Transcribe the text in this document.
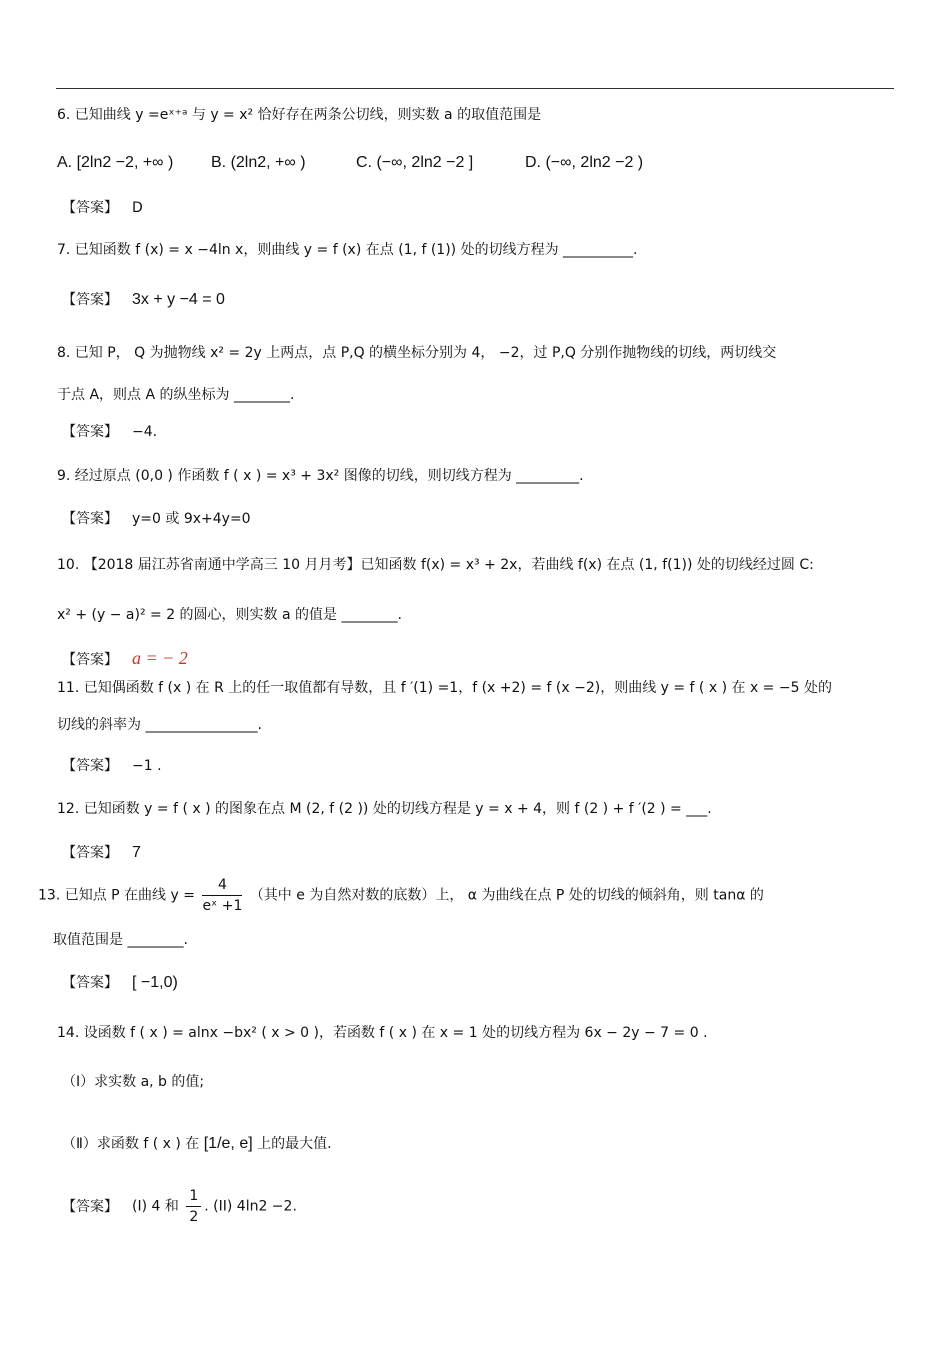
6. 已知曲线 y =eˣ⁺ᵃ 与 y = x² 恰好存在两条公切线，则实数 a 的取值范围是
A. [2ln2 −2, +∞ ) B. (2ln2, +∞ )	C. (−∞, 2ln2 −2 ]	D. (−∞, 2ln2 −2 )
【答案】 D
7. 已知函数 f (x) = x −4ln x，则曲线 y = f (x) 在点 (1, f (1)) 处的切线方程为 __________.
【答案】 3x + y −4 = 0
8. 已知 P， Q 为抛物线 x² = 2y 上两点，点 P,Q 的横坐标分别为 4， −2，过 P,Q 分别作抛物线的切线，两切线交
于点 A，则点 A 的纵坐标为 ________.
【答案】 −4.
9. 经过原点 (0,0 ) 作函数 f ( x ) = x³ + 3x² 图像的切线，则切线方程为 _________.
【答案】 y=0 或 9x+4y=0
10. 【2018 届江苏省南通中学高三 10 月月考】已知函数 f(x) = x³ + 2x，若曲线 f(x) 在点 (1, f(1)) 处的切线经过圆 C:
x² + (y − a)² = 2 的圆心，则实数 a 的值是 ________.
【答案】 a = − 2
11. 已知偶函数 f (x ) 在 R 上的任一取值都有导数，且 f ′(1) =1，f (x +2) = f (x −2)，则曲线 y = f ( x ) 在 x = −5 处的
切线的斜率为 ________________.
【答案】 −1 .
12. 已知函数 y = f ( x ) 的图象在点 M (2, f (2 )) 处的切线方程是 y = x + 4，则 f (2 ) + f ′(2 ) = ___.
【答案】 7
13. 已知点 P 在曲线 $y = \frac{4}{\text{eˣ +1}}$ （其中 e 为自然对数的底数）上， α 为曲线在点 P 处的切线的倾斜角，则 tanα 的
取值范围是 ________.
【答案】 [ −1,0)
14. 设函数 f ( x ) = alnx −bx² ( x > 0 )，若函数 f ( x ) 在 x = 1 处的切线方程为 6x − 2y − 7 = 0 .
（Ⅰ）求实数 a, b 的值;
（Ⅱ）求函数 f ( x ) 在 [1/e, e] 上的最大值.
【答案】 (I) 4 和 $\frac{1}{2}$ . (II) 4ln2 −2.
